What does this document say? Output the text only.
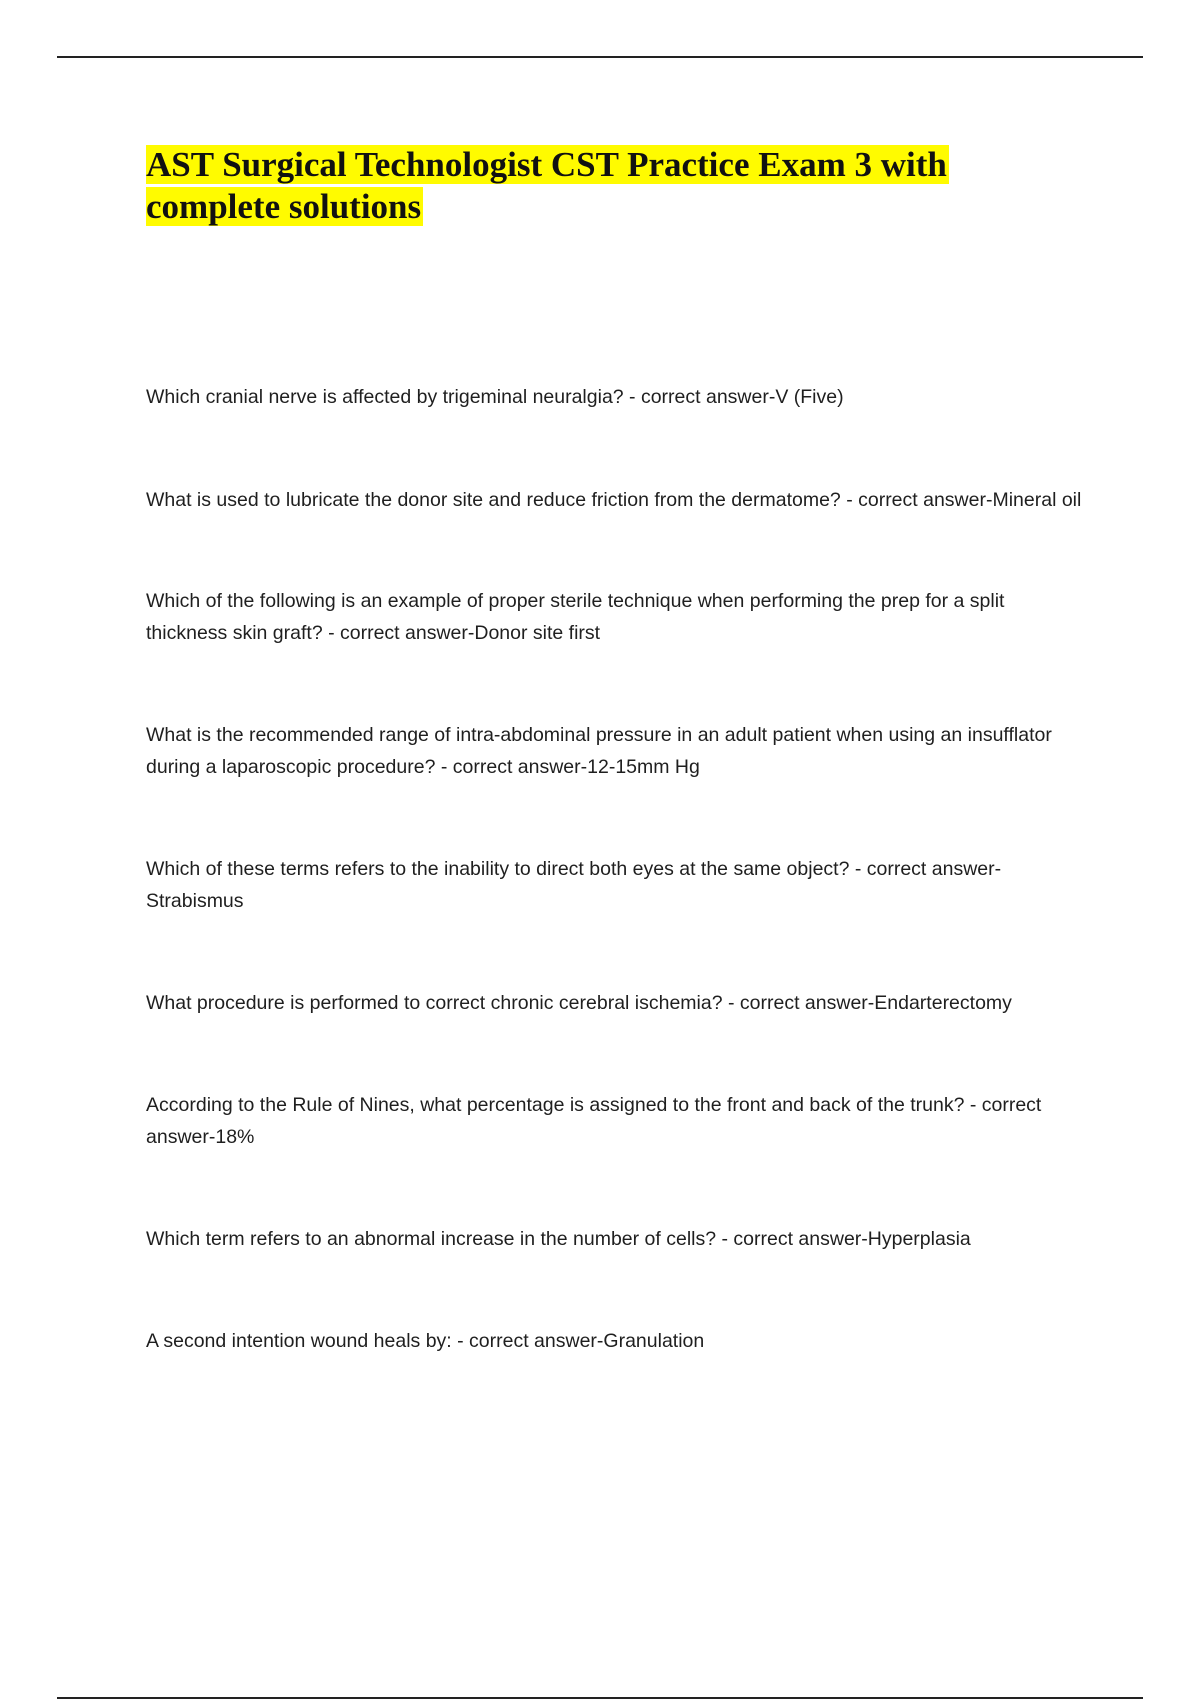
AST Surgical Technologist CST Practice Exam 3 with complete solutions
Which cranial nerve is affected by trigeminal neuralgia? - correct answer-V (Five)
What is used to lubricate the donor site and reduce friction from the dermatome? - correct answer-Mineral oil
Which of the following is an example of proper sterile technique when performing the prep for a split thickness skin graft? - correct answer-Donor site first
What is the recommended range of intra-abdominal pressure in an adult patient when using an insufflator during a laparoscopic procedure? - correct answer-12-15mm Hg
Which of these terms refers to the inability to direct both eyes at the same object? - correct answer-Strabismus
What procedure is performed to correct chronic cerebral ischemia? - correct answer-Endarterectomy
According to the Rule of Nines, what percentage is assigned to the front and back of the trunk? - correct answer-18%
Which term refers to an abnormal increase in the number of cells? - correct answer-Hyperplasia
A second intention wound heals by: - correct answer-Granulation
